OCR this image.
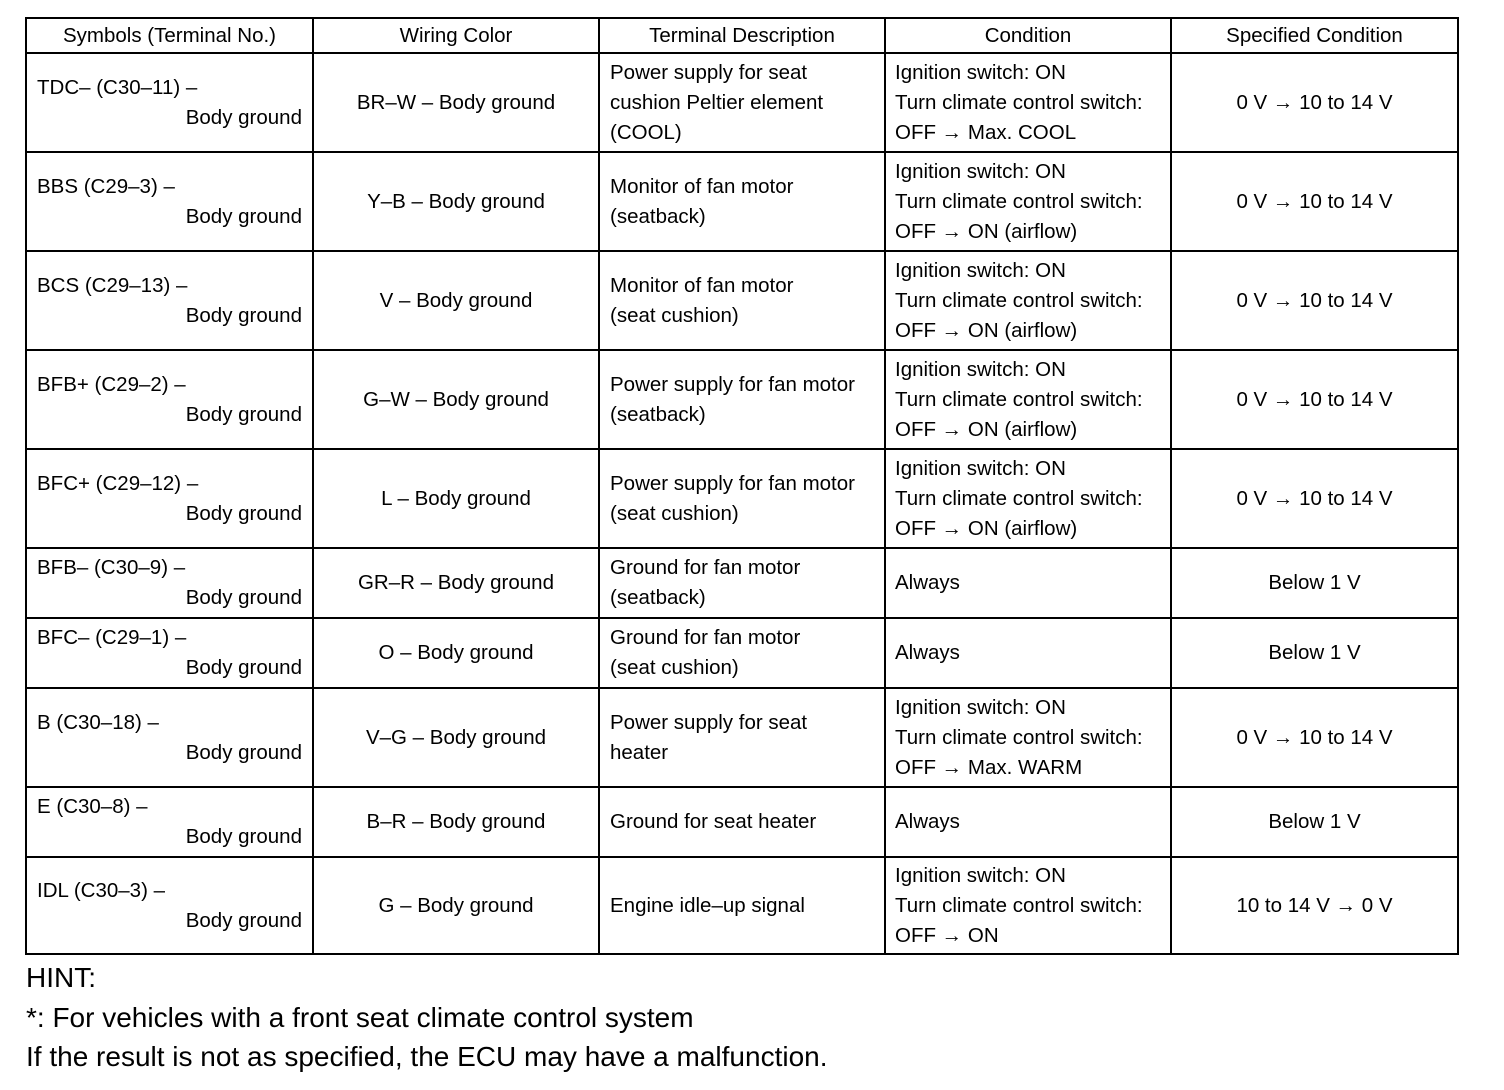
Symbols (Terminal No.)	Wiring Color	Terminal Description	Condition	Specified Condition

TDC– (C30–11) –
Body ground	BR–W – Body ground	Power supply for seat
cushion Peltier element
(COOL)	Ignition switch: ON
Turn climate control switch:
OFF → Max. COOL	0 V → 10 to 14 V

BBS (C29–3) –
Body ground	Y–B – Body ground	Monitor of fan motor
(seatback)	Ignition switch: ON
Turn climate control switch:
OFF → ON (airflow)	0 V → 10 to 14 V

BCS (C29–13) –
Body ground	V – Body ground	Monitor of fan motor
(seat cushion)	Ignition switch: ON
Turn climate control switch:
OFF → ON (airflow)	0 V → 10 to 14 V

BFB+ (C29–2) –
Body ground	G–W – Body ground	Power supply for fan motor
(seatback)	Ignition switch: ON
Turn climate control switch:
OFF → ON (airflow)	0 V → 10 to 14 V

BFC+ (C29–12) –
Body ground	L – Body ground	Power supply for fan motor
(seat cushion)	Ignition switch: ON
Turn climate control switch:
OFF → ON (airflow)	0 V → 10 to 14 V

BFB– (C30–9) –
Body ground	GR–R – Body ground	Ground for fan motor
(seatback)	Always	Below 1 V

BFC– (C29–1) –
Body ground	O – Body ground	Ground for fan motor
(seat cushion)	Always	Below 1 V

B (C30–18) –
Body ground	V–G – Body ground	Power supply for seat
heater	Ignition switch: ON
Turn climate control switch:
OFF → Max. WARM	0 V → 10 to 14 V

E (C30–8) –
Body ground	B–R – Body ground	Ground for seat heater	Always	Below 1 V

IDL (C30–3) –
Body ground	G – Body ground	Engine idle–up signal	Ignition switch: ON
Turn climate control switch:
OFF → ON	10 to 14 V → 0 V
HINT:
*: For vehicles with a front seat climate control system
If the result is not as specified, the ECU may have a malfunction.
